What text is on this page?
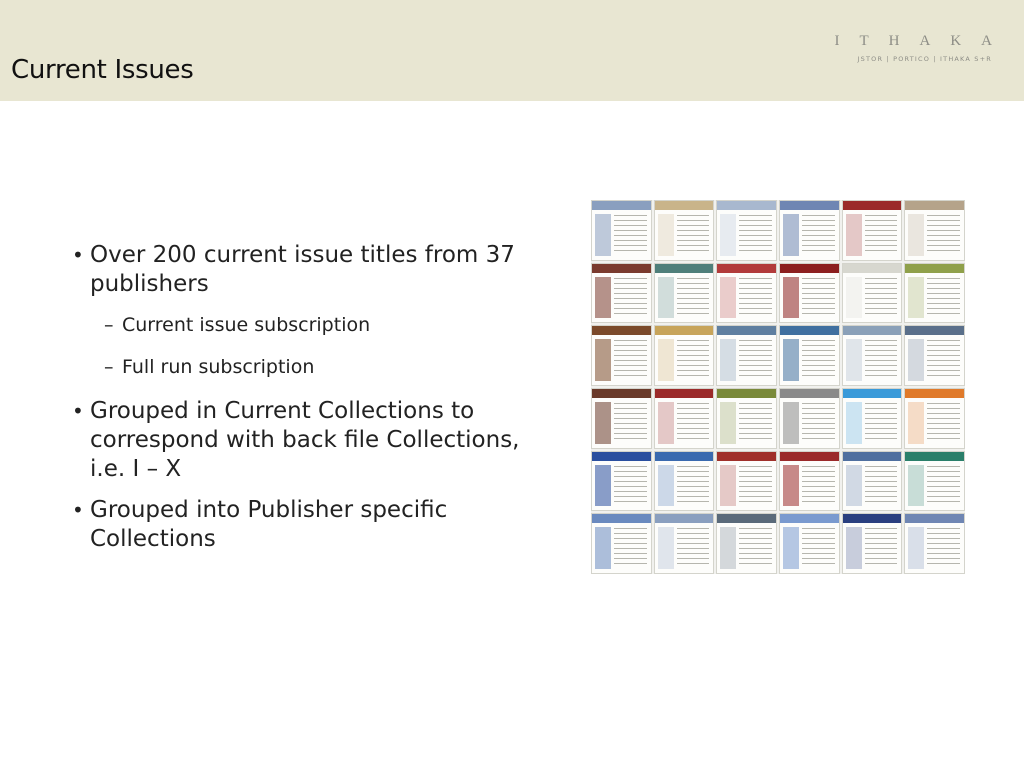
Current Issues
ITHAKA
JSTOR | PORTICO | ITHAKA S+R
• Over 200 current issue titles from 37 publishers
– Current issue subscription
– Full run subscription
• Grouped in Current Collections to correspond with back file Collections, i.e. I – X
• Grouped into Publisher specific Collections
